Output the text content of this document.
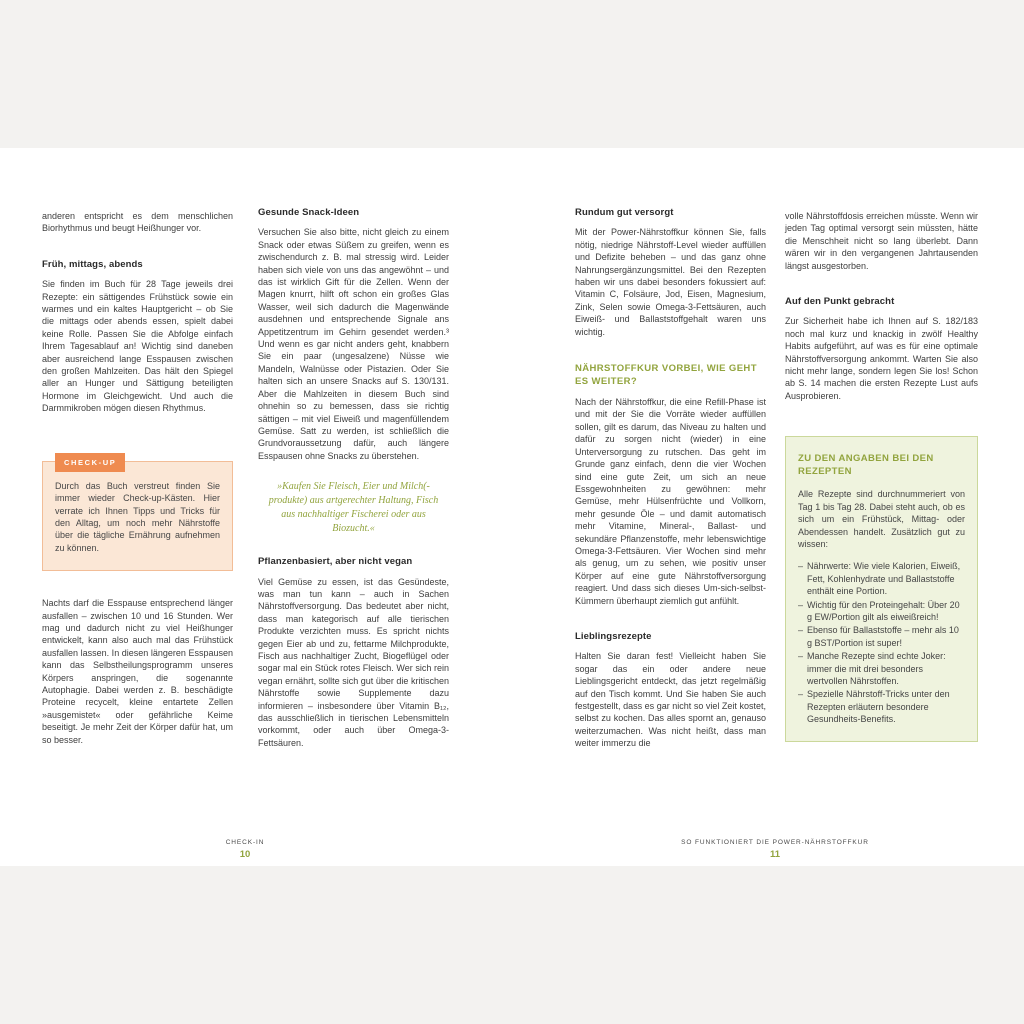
anderen entspricht es dem menschlichen Biorhythmus und beugt Heißhunger vor.

Früh, mittags, abends

Sie finden im Buch für 28 Tage jeweils drei Rezepte: ein sättigendes Frühstück sowie ein warmes und ein kaltes Hauptgericht – ob Sie die mittags oder abends essen, spielt dabei keine Rolle. Passen Sie die Abfolge einfach Ihrem Tagesablauf an! Wichtig sind daneben aber ausreichend lange Esspausen zwischen den großen Mahlzeiten. Das hält den Spiegel aller an Hunger und Sättigung beteiligten Hormone im Gleichgewicht. Und auch die Darmmikroben mögen diesen Rhythmus.

CHECK-UP

Durch das Buch verstreut finden Sie immer wieder Check-up-Kästen. Hier verrate ich Ihnen Tipps und Tricks für den Alltag, um noch mehr Nährstoffe über die tägliche Ernährung aufnehmen zu können.

Nachts darf die Esspause entsprechend länger ausfallen – zwischen 10 und 16 Stunden. Wer mag und dadurch nicht zu viel Heißhunger entwickelt, kann also auch mal das Frühstück ausfallen lassen. In diesen längeren Esspausen kann das Selbstheilungsprogramm unseres Körpers anspringen, die sogenannte Autophagie. Dabei werden z. B. beschädigte Proteine recycelt, kleine entartete Zellen »ausgemistet« oder gefährliche Keime beseitigt. Je mehr Zeit der Körper dafür hat, um so besser.

Gesunde Snack-Ideen

Versuchen Sie also bitte, nicht gleich zu einem Snack oder etwas Süßem zu greifen, wenn es zwischendurch z. B. mal stressig wird. Leider haben sich viele von uns das angewöhnt – und das ist wirklich Gift für die Zellen. Wenn der Magen knurrt, hilft oft schon ein großes Glas Wasser, weil sich dadurch die Magenwände ausdehnen und entsprechende Signale ans Appetitzentrum im Gehirn gesendet werden.³ Und wenn es gar nicht anders geht, knabbern Sie ein paar (ungesalzene) Nüsse wie Mandeln, Walnüsse oder Pistazien. Oder Sie halten sich an unsere Snacks auf S. 130/131. Aber die Mahlzeiten in diesem Buch sind ohnehin so zu bemessen, dass sie richtig sättigen – mit viel Eiweiß und magenfüllendem Gemüse. Satt zu werden, ist schließlich die Grundvoraussetzung dafür, auch längere Esspausen ohne Snacks zu überstehen.

»Kaufen Sie Fleisch, Eier und Milch(-produkte) aus artgerechter Haltung, Fisch aus nachhaltiger Fischerei oder aus Biozucht.«
Pflanzenbasiert, aber nicht vegan

Viel Gemüse zu essen, ist das Gesündeste, was man tun kann – auch in Sachen Nährstoffversorgung. Das bedeutet aber nicht, dass man kategorisch auf alle tierischen Produkte verzichten muss. Es spricht nichts gegen Eier ab und zu, fettarme Milchprodukte, Fisch aus nachhaltiger Zucht, Biogeflügel oder sogar mal ein Stück rotes Fleisch. Wer sich rein vegan ernährt, sollte sich gut über die kritischen Nährstoffe sowie Supplemente dazu informieren – insbesondere über Vitamin B₁₂, das ausschließlich in tierischen Lebensmitteln vorkommt, oder auch über Omega-3-Fettsäuren.

Rundum gut versorgt

Mit der Power-Nährstoffkur können Sie, falls nötig, niedrige Nährstoff-Level wieder auffüllen und Defizite beheben – und das ganz ohne Nahrungsergänzungsmittel. Bei den Rezepten haben wir uns dabei besonders fokussiert auf: Vitamin C, Folsäure, Jod, Eisen, Magnesium, Zink, Selen sowie Omega-3-Fettsäuren, auch Eiweiß- und Ballaststoffgehalt waren uns wichtig.

NÄHRSTOFFKUR VORBEI, WIE GEHT ES WEITER?

Nach der Nährstoffkur, die eine Refill-Phase ist und mit der Sie die Vorräte wieder auffüllen sollen, gilt es darum, das Niveau zu halten und dafür zu sorgen nicht (wieder) in eine Unterversorgung zu rutschen. Das geht im Grunde ganz einfach, denn die vier Wochen sind eine gute Zeit, um sich an neue Essgewohnheiten zu gewöhnen: mehr Gemüse, mehr Hülsenfrüchte und Vollkorn, mehr gesunde Öle – und damit automatisch mehr Vitamine, Mineral-, Ballast- und sekundäre Pflanzenstoffe, mehr lebenswichtige Omega-3-Fettsäuren. Vier Wochen sind mehr als genug, um zu sehen, wie positiv unser Körper auf eine gute Nährstoffversorgung reagiert. Und dass sich dieses Um-sich-selbst-Kümmern überhaupt ziemlich gut anfühlt.

Lieblingsrezepte

Halten Sie daran fest! Vielleicht haben Sie sogar das ein oder andere neue Lieblingsgericht entdeckt, das jetzt regelmäßig auf den Tisch kommt. Und Sie haben Sie auch festgestellt, dass es gar nicht so viel Zeit kostet, selbst zu kochen. Das alles spornt an, genauso weiterzumachen. Was nicht heißt, dass man weiter immerzu die

volle Nährstoffdosis erreichen müsste. Wenn wir jeden Tag optimal versorgt sein müssten, hätte die Menschheit nicht so lang überlebt. Dann wären wir in den vergangenen Jahrtausenden längst ausgestorben.

Auf den Punkt gebracht

Zur Sicherheit habe ich Ihnen auf S. 182/183 noch mal kurz und knackig in zwölf Healthy Habits aufgeführt, auf was es für eine optimale Nährstoffversorgung ankommt. Warten Sie also nicht mehr lange, sondern legen Sie los! Schon ab S. 14 machen die ersten Rezepte Lust aufs Ausprobieren.

ZU DEN ANGABEN BEI DEN REZEPTEN

Alle Rezepte sind durchnummeriert von Tag 1 bis Tag 28. Dabei steht auch, ob es sich um ein Frühstück, Mittag- oder Abendessen handelt. Zusätzlich gut zu wissen:

– Nährwerte: Wie viele Kalorien, Eiweiß, Fett, Kohlenhydrate und Ballaststoffe enthält eine Portion.
– Wichtig für den Proteingehalt: Über 20 g EW/Portion gilt als eiweißreich!
– Ebenso für Ballaststoffe – mehr als 10 g BST/Portion ist super!
– Manche Rezepte sind echte Joker: immer die mit drei besonders wertvollen Nährstoffen.
– Spezielle Nährstoff-Tricks unter den Rezepten erläutern besondere Gesundheits-Benefits.
CHECK-IN
10
SO FUNKTIONIERT DIE POWER-NÄHRSTOFFKUR
11
